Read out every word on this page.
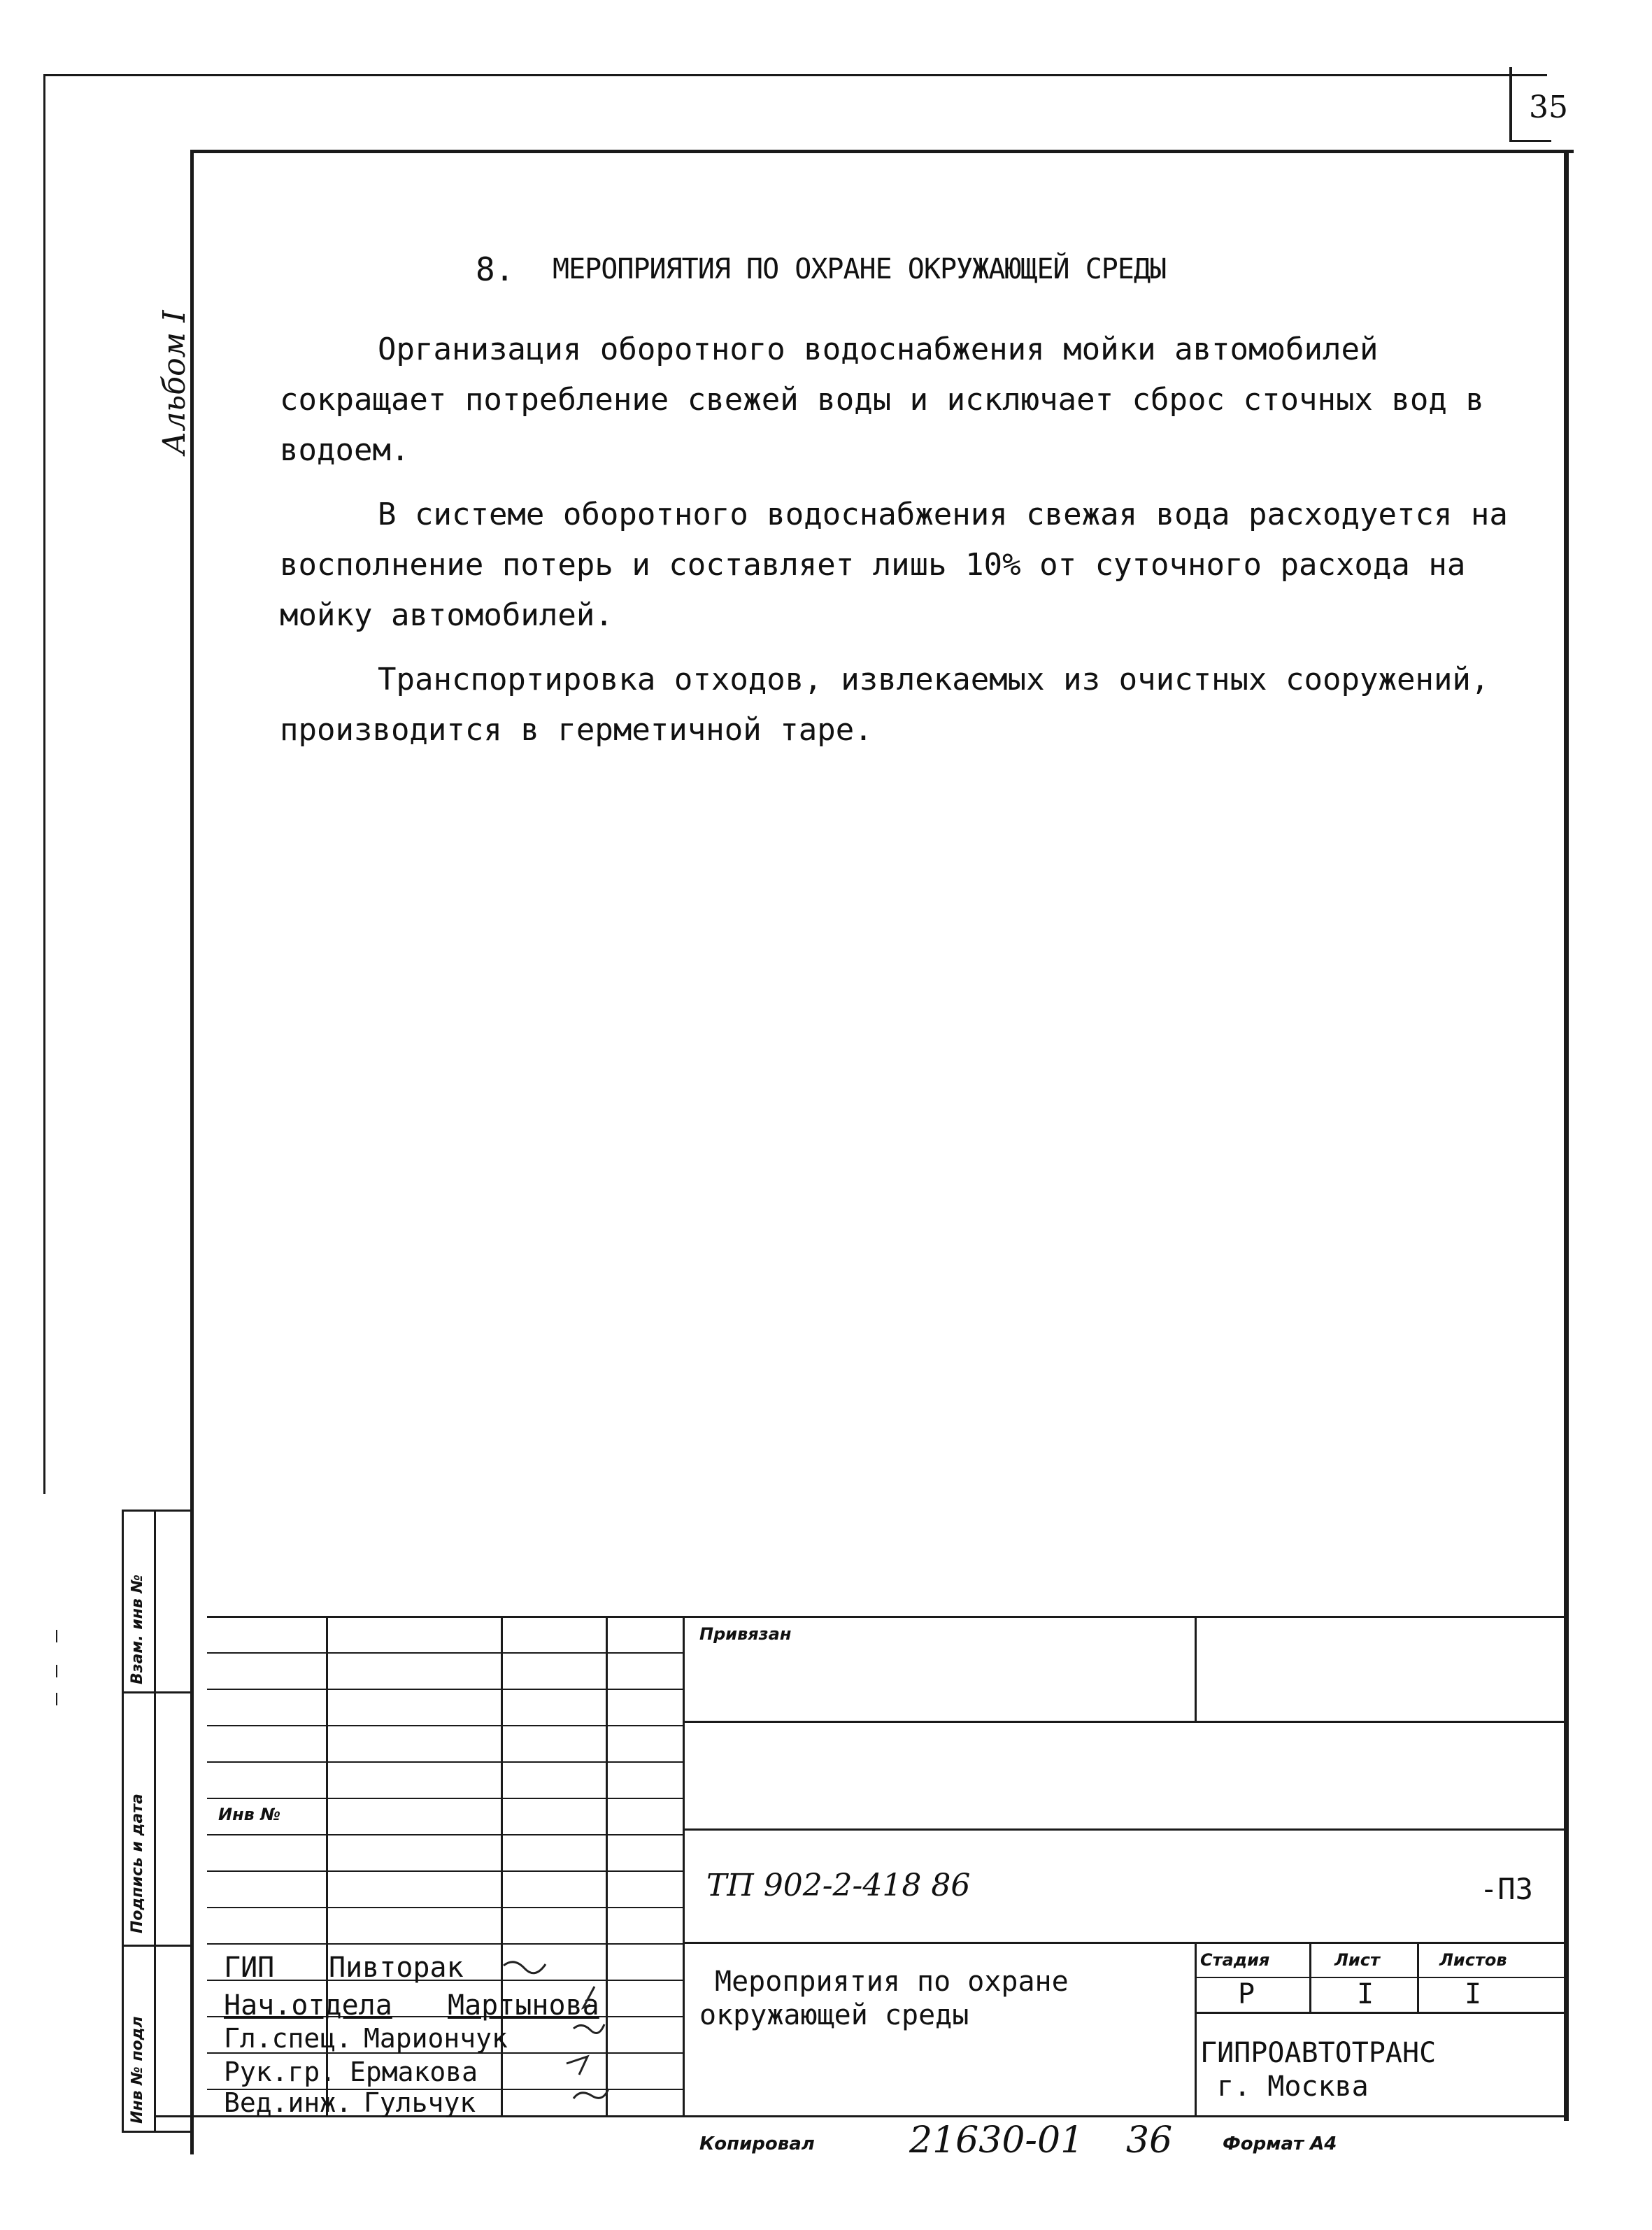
35
Альбом I
8. МЕРОПРИЯТИЯ ПО ОХРАНЕ ОКРУЖАЮЩЕЙ СРЕДЫ

Организация оборотного водоснабжения мойки автомобилей сокращает потребление свежей воды и исключает сброс сточных вод в водоем.

В системе оборотного водоснабжения свежая вода расходуется на восполнение потерь и составляет лишь 10% от суточного расхода на мойку автомобилей.

Транспортировка отходов, извлекаемых из очистных сооружений, производится в герметичной таре.

Взам. инв №
Подпись и дата
Инв № подл
Привязан
Инв №
ТП 902-2-418 86	-ПЗ
ГИП Пивторак
Нач.отдела Мартынова
Гл.спец. Мариончук
Рук.гр. Ермакова
Вед.инж. Гульчук
Мероприятия по охране
окружающей среды
Стадия	Лист	Листов
Р	I	I
ГИПРОАВТОТРАНС
г. Москва
Копировал	21630-01 36	Формат А4
